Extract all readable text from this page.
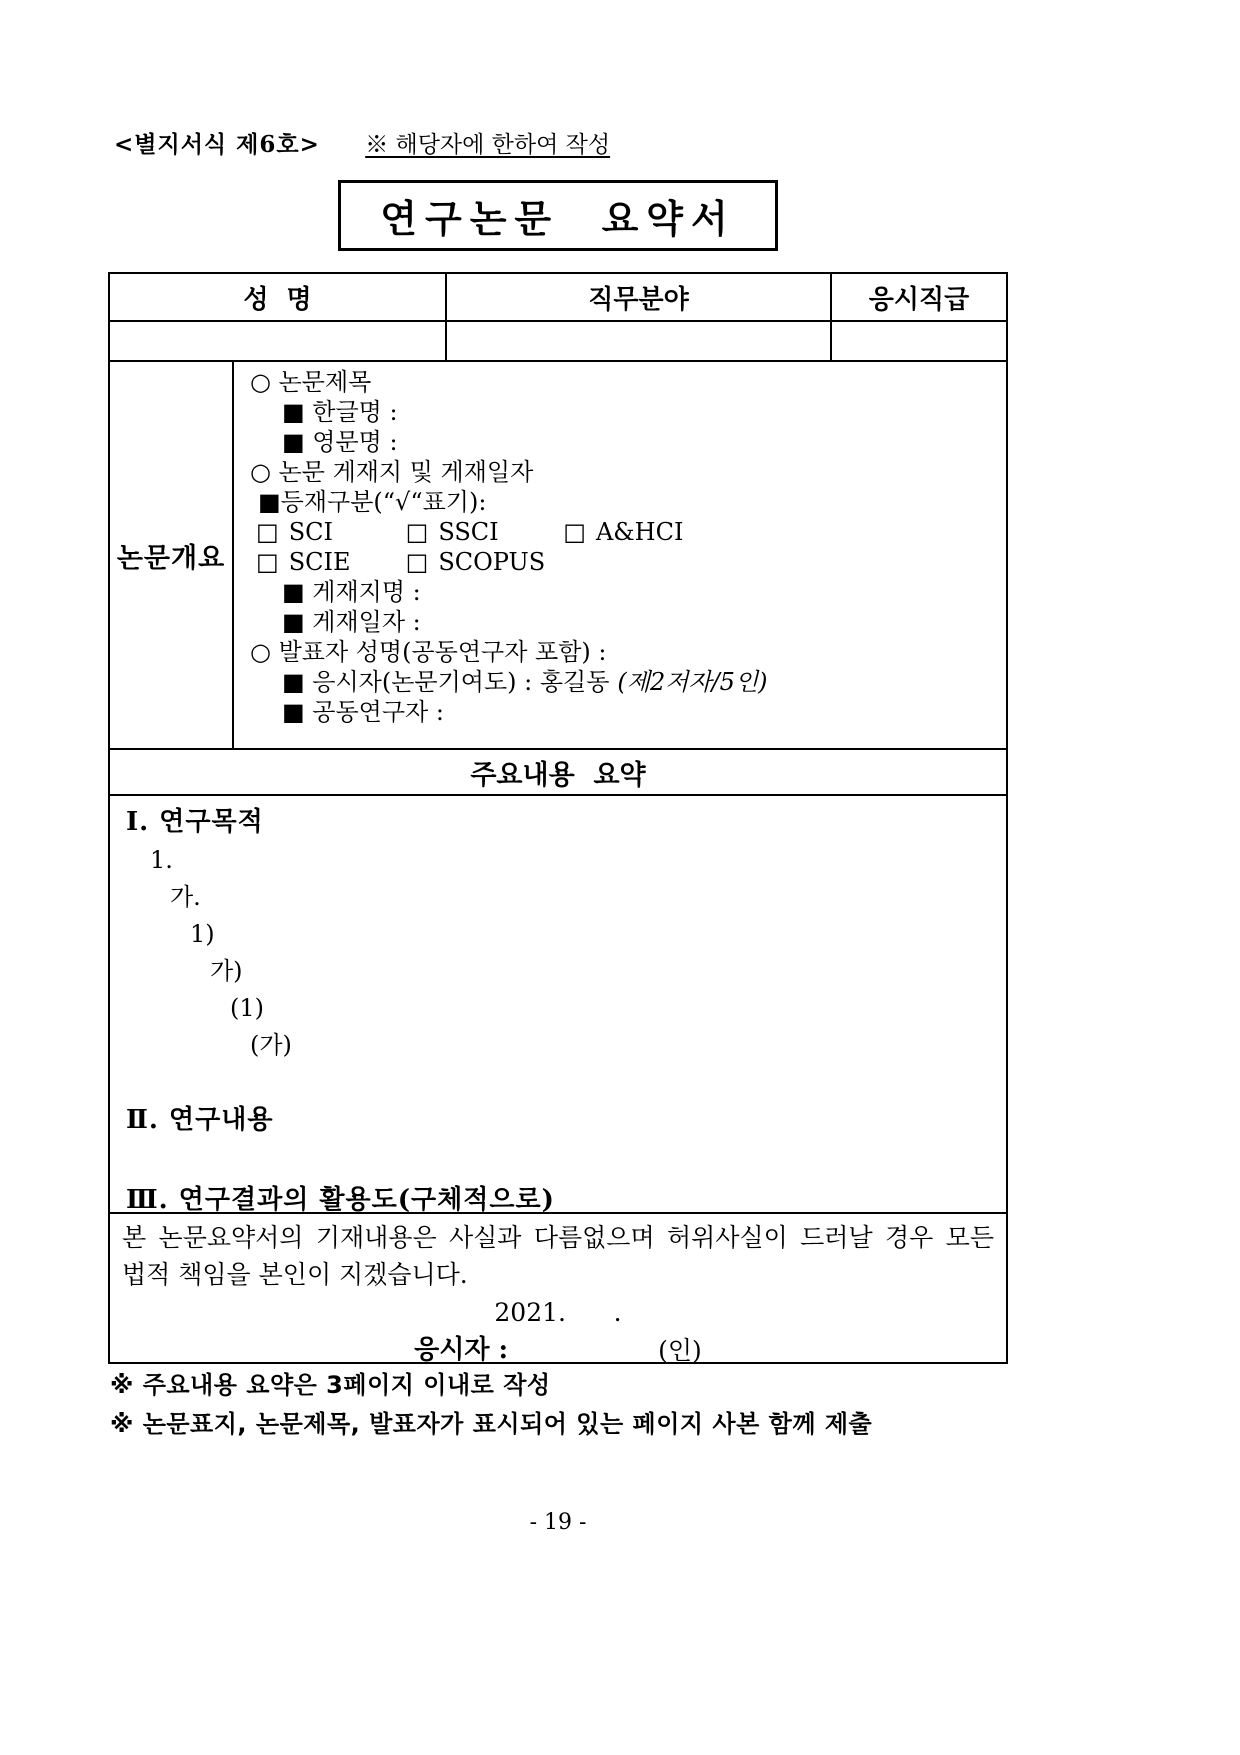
<별지서식 제6호> ※ 해당자에 한하여 작성
연구논문  요약서
성  명	직무분야	응시직급
논문개요
○ 논문제목
■ 한글명 :
■ 영문명 :
○ 논문 게재지 및 게재일자
■등재구분(“√“표기):
□ SCI	□ SSCI	□ A&HCI
□ SCIE □ SCOPUS
■ 게재지명 :
■ 게재일자 :
○ 발표자 성명(공동연구자 포함) :
■ 응시자(논문기여도) : 홍길동 (제2저자/5인)
■ 공동연구자 :
주요내용  요약
Ⅰ. 연구목적
1.
가.
1)
가)
(1)
(가)
Ⅱ. 연구내용
Ⅲ. 연구결과의 활용도(구체적으로)
본 논문요약서의 기재내용은 사실과 다름없으며 허위사실이 드러날 경우 모든
법적 책임을 본인이 지겠습니다.
2021.      .
응시자 :	(인)
※ 주요내용 요약은 3페이지 이내로 작성
※ 논문표지, 논문제목, 발표자가 표시되어 있는 페이지 사본 함께 제출
- 19 -
